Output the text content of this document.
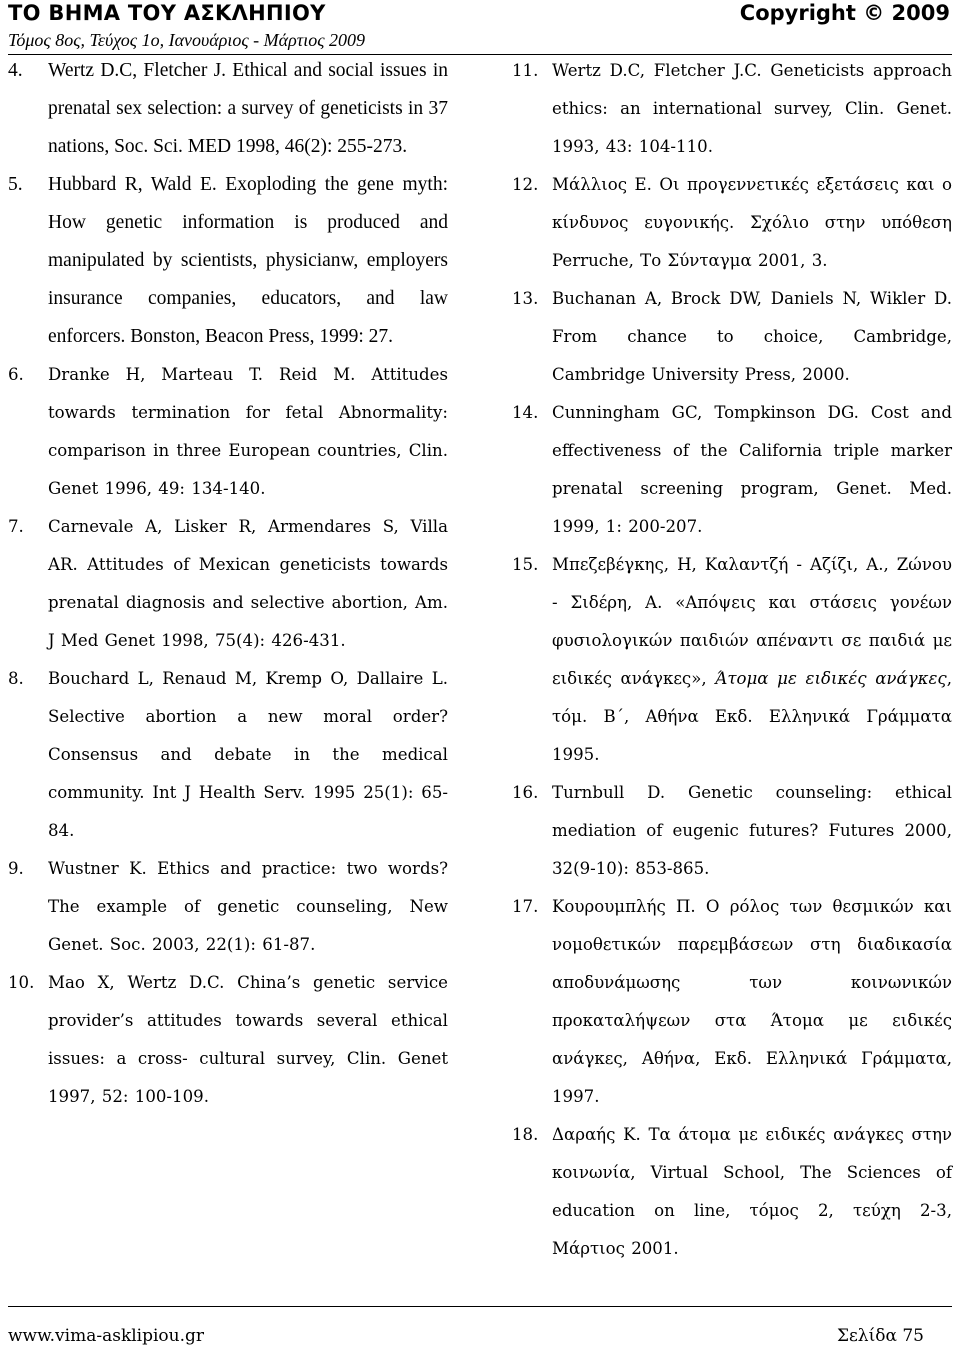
ΤΟ ΒΗΜΑ ΤΟΥ ΑΣΚΛΗΠΙΟΥ	Copyright © 2009
Τόμος 8ος, Τεύχος 1ο, Ιανουάριος - Μάρτιος 2009
4. Wertz D.C, Fletcher J. Ethical and social issues in prenatal sex selection: a survey of geneticists in 37 nations, Soc. Sci. MED 1998, 46(2): 255-273.
5. Hubbard R, Wald E. Exoploding the gene myth: How genetic information is produced and manipulated by scientists, physicianw, employers insurance companies, educators, and law enforcers. Bonston, Beacon Press, 1999: 27.
6. Dranke H, Marteau T. Reid M. Attitudes towards termination for fetal Abnormality: comparison in three European countries, Clin. Genet 1996, 49: 134-140.
7. Carnevale A, Lisker R, Armendares S, Villa AR. Attitudes of Mexican geneticists towards prenatal diagnosis and selective abortion, Am. J Med Genet 1998, 75(4): 426-431.
8. Bouchard L, Renaud M, Kremp O, Dallaire L. Selective abortion a new moral order? Consensus and debate in the medical community. Int J Health Serv. 1995 25(1): 65-84.
9. Wustner K. Ethics and practice: two words? The example of genetic counseling, New Genet. Soc. 2003, 22(1): 61-87.
10. Mao X, Wertz D.C. China’s genetic service provider’s attitudes towards several ethical issues: a cross- cultural survey, Clin. Genet 1997, 52: 100-109.
11. Wertz D.C, Fletcher J.C. Geneticists approach ethics: an international survey, Clin. Genet. 1993, 43: 104-110.
12. Μάλλιος Ε. Οι προγεννετικές εξετάσεις και ο κίνδυνος ευγονικής. Σχόλιο στην υπόθεση Perruche, Το Σύνταγμα 2001, 3.
13. Buchanan A, Brock DW, Daniels N, Wikler D. From chance to choice, Cambridge, Cambridge University Press, 2000.
14. Cunningham GC, Tompkinson DG. Cost and effectiveness of the California triple marker prenatal screening program, Genet. Med. 1999, 1: 200-207.
15. Μπεζεβέγκης, Η, Καλαντζή - Αζίζι, Α., Ζώνου - Σιδέρη, Α. «Απόψεις και στάσεις γονέων φυσιολογικών παιδιών απέναντι σε παιδιά με ειδικές ανάγκες», Άτομα με ειδικές ανάγκες, τόμ. Β΄, Αθήνα Εκδ. Ελληνικά Γράμματα 1995.
16. Turnbull D. Genetic counseling: ethical mediation of eugenic futures? Futures 2000, 32(9-10): 853-865.
17. Κουρουμπλής Π. Ο ρόλος των θεσμικών και νομοθετικών παρεμβάσεων στη διαδικασία αποδυνάμωσης των κοινωνικών προκαταλήψεων στα Άτομα με ειδικές ανάγκες, Αθήνα, Εκδ. Ελληνικά Γράμματα, 1997.
18. Δαραής Κ. Τα άτομα με ειδικές ανάγκες στην κοινωνία, Virtual School, The Sciences of education on line, τόμος 2, τεύχη 2-3, Μάρτιος 2001.
www.vima-asklipiou.gr	Σελίδα 75
